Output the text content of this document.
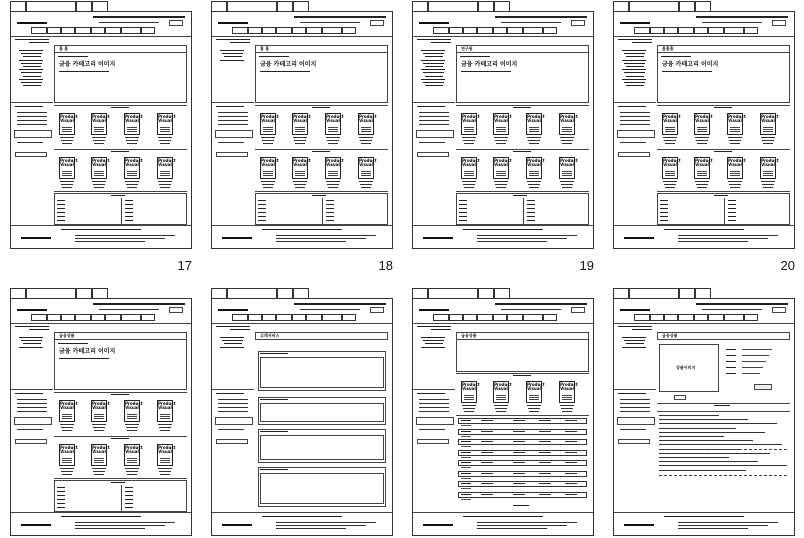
홈 홈
금융 카테고리 이미지
Product Visual
Product Visual
Product Visual
Product Visual
Product Visual
Product Visual
Product Visual
Product Visual
17
홈 홈
금융 카테고리 이미지
Product Visual
Product Visual
Product Visual
Product Visual
Product Visual
Product Visual
Product Visual
Product Visual
18
연구원
금융 카테고리 이미지
Product Visual
Product Visual
Product Visual
Product Visual
Product Visual
Product Visual
Product Visual
Product Visual
19
홈홈홈
금융 카테고리 이미지
Product Visual
Product Visual
Product Visual
Product Visual
Product Visual
Product Visual
Product Visual
Product Visual
20
금융상품
금융 카테고리 이미지
Product Visual
Product Visual
Product Visual
Product Visual
Product Visual
Product Visual
Product Visual
Product Visual
고객서비스	금융상품
Product Visual
Product Visual
Product Visual
Product Visual
금융상품
상품이미지
